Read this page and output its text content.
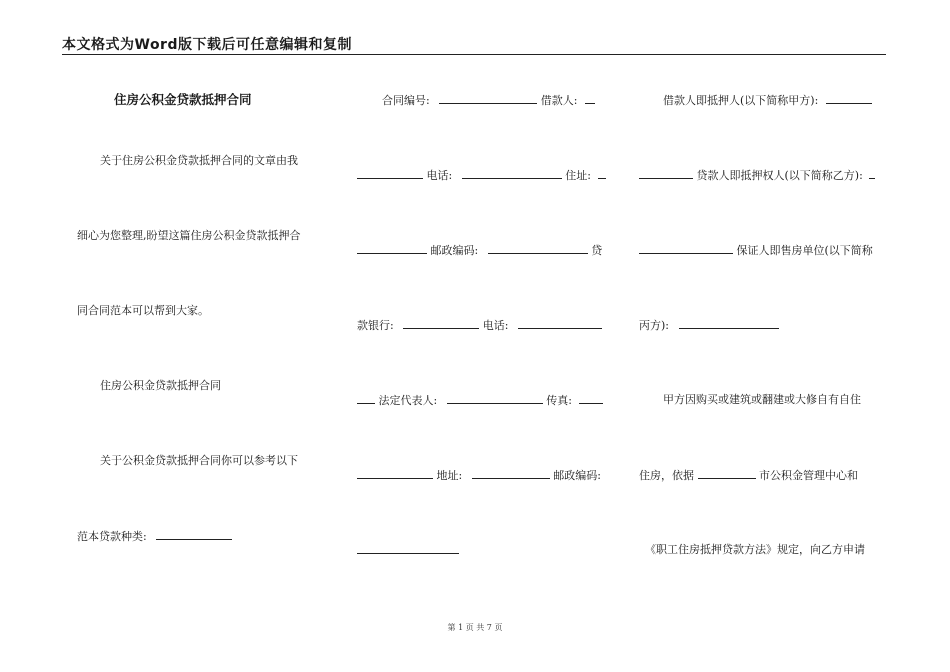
本文格式为Word版下载后可任意编辑和复制
住房公积金贷款抵押合同
关于住房公积金贷款抵押合同的文章由我
细心为您整理,盼望这篇住房公积金贷款抵押合
同合同范本可以帮到大家。
住房公积金贷款抵押合同
关于公积金贷款抵押合同你可以参考以下
范本贷款种类:
合同编号:	借款人:
电话:	住址:
邮政编码:	贷
款银行:	电话:
法定代表人:	传真:
地址:	邮政编码:
借款人即抵押人(以下简称甲方):
贷款人即抵押权人(以下简称乙方):
保证人即售房单位(以下简称
丙方):
甲方因购买或建筑或翻建或大修自有自住
住房，依据	市公积金管理中心和
《职工住房抵押贷款方法》规定，向乙方申请
第 1 页 共 7 页
